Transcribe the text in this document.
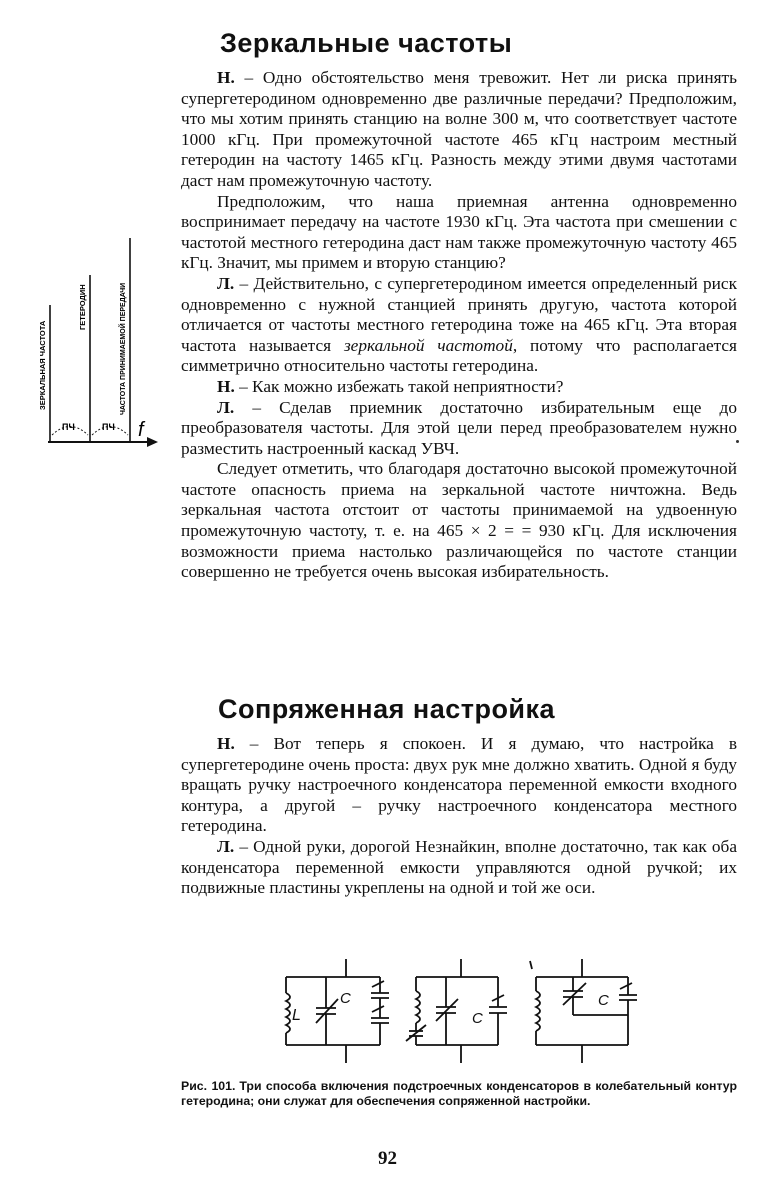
Зеркальные частоты

Н. – Одно обстоятельство меня тревожит. Нет ли риска принять супергетеродином одновременно две различные передачи? Предположим, что мы хотим принять станцию на волне 300 м, что соответствует частоте 1000 кГц. При промежуточной частоте 465 кГц настроим местный гетеродин на частоту 1465 кГц. Разность между этими двумя частотами даст нам промежуточную частоту.

Предположим, что наша приемная антенна одновременно воспринимает передачу на частоте 1930 кГц. Эта частота при смешении с частотой местного гетеродина даст нам также промежуточную частоту 465 кГц. Значит, мы примем и вторую станцию?

Л. – Действительно, с супергетеродином имеется определенный риск одновременно с нужной станцией принять другую, частота которой отличается от частоты местного гетеродина тоже на 465 кГц. Эта вторая частота называется зеркальной частотой, потому что располагается симметрично относительно частоты гетеродина.

Н. – Как можно избежать такой неприятности?

Л. – Сделав приемник достаточно избирательным еще до преобразователя частоты. Для этой цели перед преобразователем нужно разместить настроенный каскад УВЧ.

Следует отметить, что благодаря достаточно высокой промежуточной частоте опасность приема на зеркальной частоте ничтожна. Ведь зеркальная частота отстоит от частоты принимаемой на удвоенную промежуточную частоту, т. е. на 465 × 2 = = 930 кГц. Для исключения возможности приема настолько различающейся по частоте станции совершенно не требуется очень высокая избирательность.

ЗЕРКАЛЬНАЯ ЧАСТОТА
ГЕТЕРОДИН	ЧАСТОТА ПРИНИМАЕМОЙ ПЕРЕДАЧИ
ПЧ	ПЧ f
Сопряженная настройка

Н. – Вот теперь я спокоен. И я думаю, что настройка в супергетеродине очень проста: двух рук мне должно хватить. Одной я буду вращать ручку настроечного конденсатора переменной емкости входного контура, а другой – ручку настроечного конденсатора местного гетеродина.

Л. – Одной руки, дорогой Незнайкин, вполне достаточно, так как оба конденсатора переменной емкости управляются одной ручкой; их подвижные пластины укреплены на одной и той же оси.

L
C
C
C
Рис. 101. Три способа включения подстроечных конденсаторов в колебательный контур гетеродина; они служат для обеспечения сопряженной настройки.
92
